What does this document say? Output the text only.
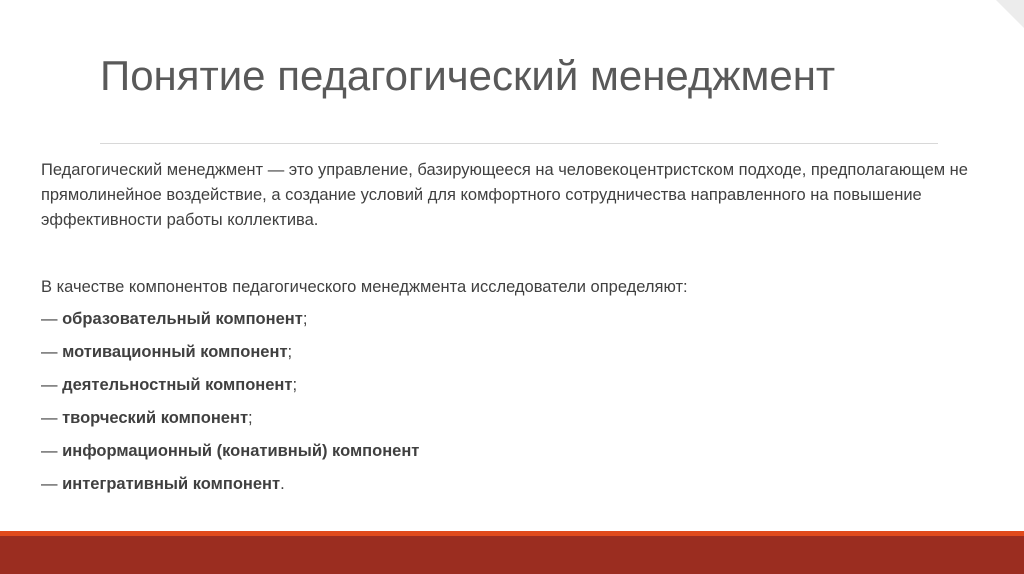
Понятие педагогический менеджмент

Педагогический менеджмент — это управление, базирующееся на человекоцентристском подходе, предполагающем не прямолинейное воздействие, а создание условий для комфортного сотрудничества направленного на повышение эффективности работы коллектива.

В качестве компонентов педагогического менеджмента исследователи определяют:

— образовательный компонент;
— мотивационный компонент;
— деятельностный компонент;
— творческий компонент;
— информационный (конативный) компонент
— интегративный компонент.
